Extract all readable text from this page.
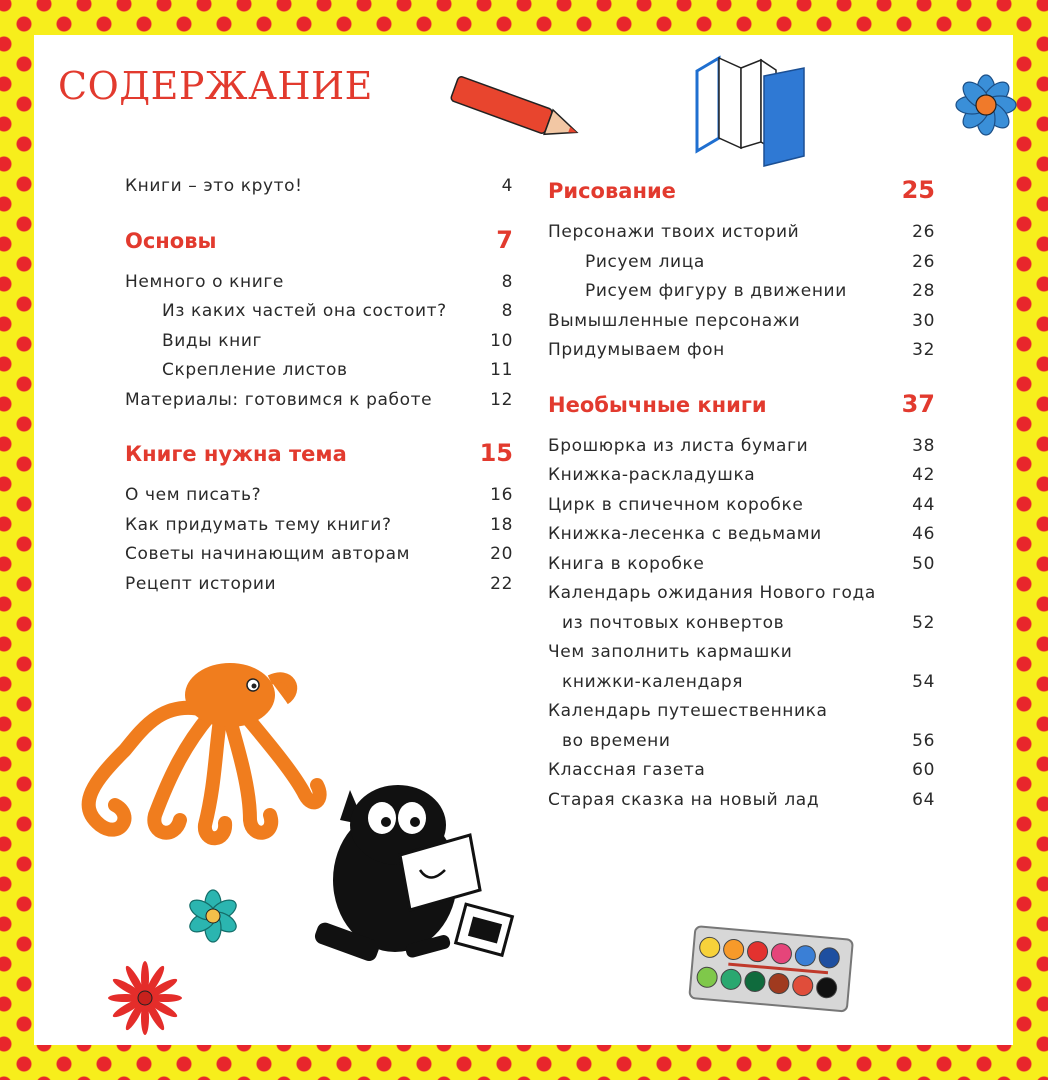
СОДЕРЖАНИЕ
Книги – это круто!	4
Основы	7
Немного о книге	8
Из каких частей она состоит?	8
Виды книг	10
Скрепление листов	11
Материалы: готовимся к работе	12
Книге нужна тема	15
О чем писать?	16
Как придумать тему книги?	18
Советы начинающим авторам	20
Рецепт истории	22
Рисование	25
Персонажи твоих историй	26
Рисуем лица	26
Рисуем фигуру в движении	28
Вымышленные персонажи	30
Придумываем фон	32
Необычные книги	37
Брошюрка из листа бумаги	38
Книжка-раскладушка	42
Цирк в спичечном коробке	44
Книжка-лесенка с ведьмами	46
Книга в коробке	50
Календарь ожидания Нового года
из почтовых конвертов	52
Чем заполнить кармашки
книжки-календаря	54
Календарь путешественника
во времени	56
Классная газета	60
Старая сказка на новый лад	64
